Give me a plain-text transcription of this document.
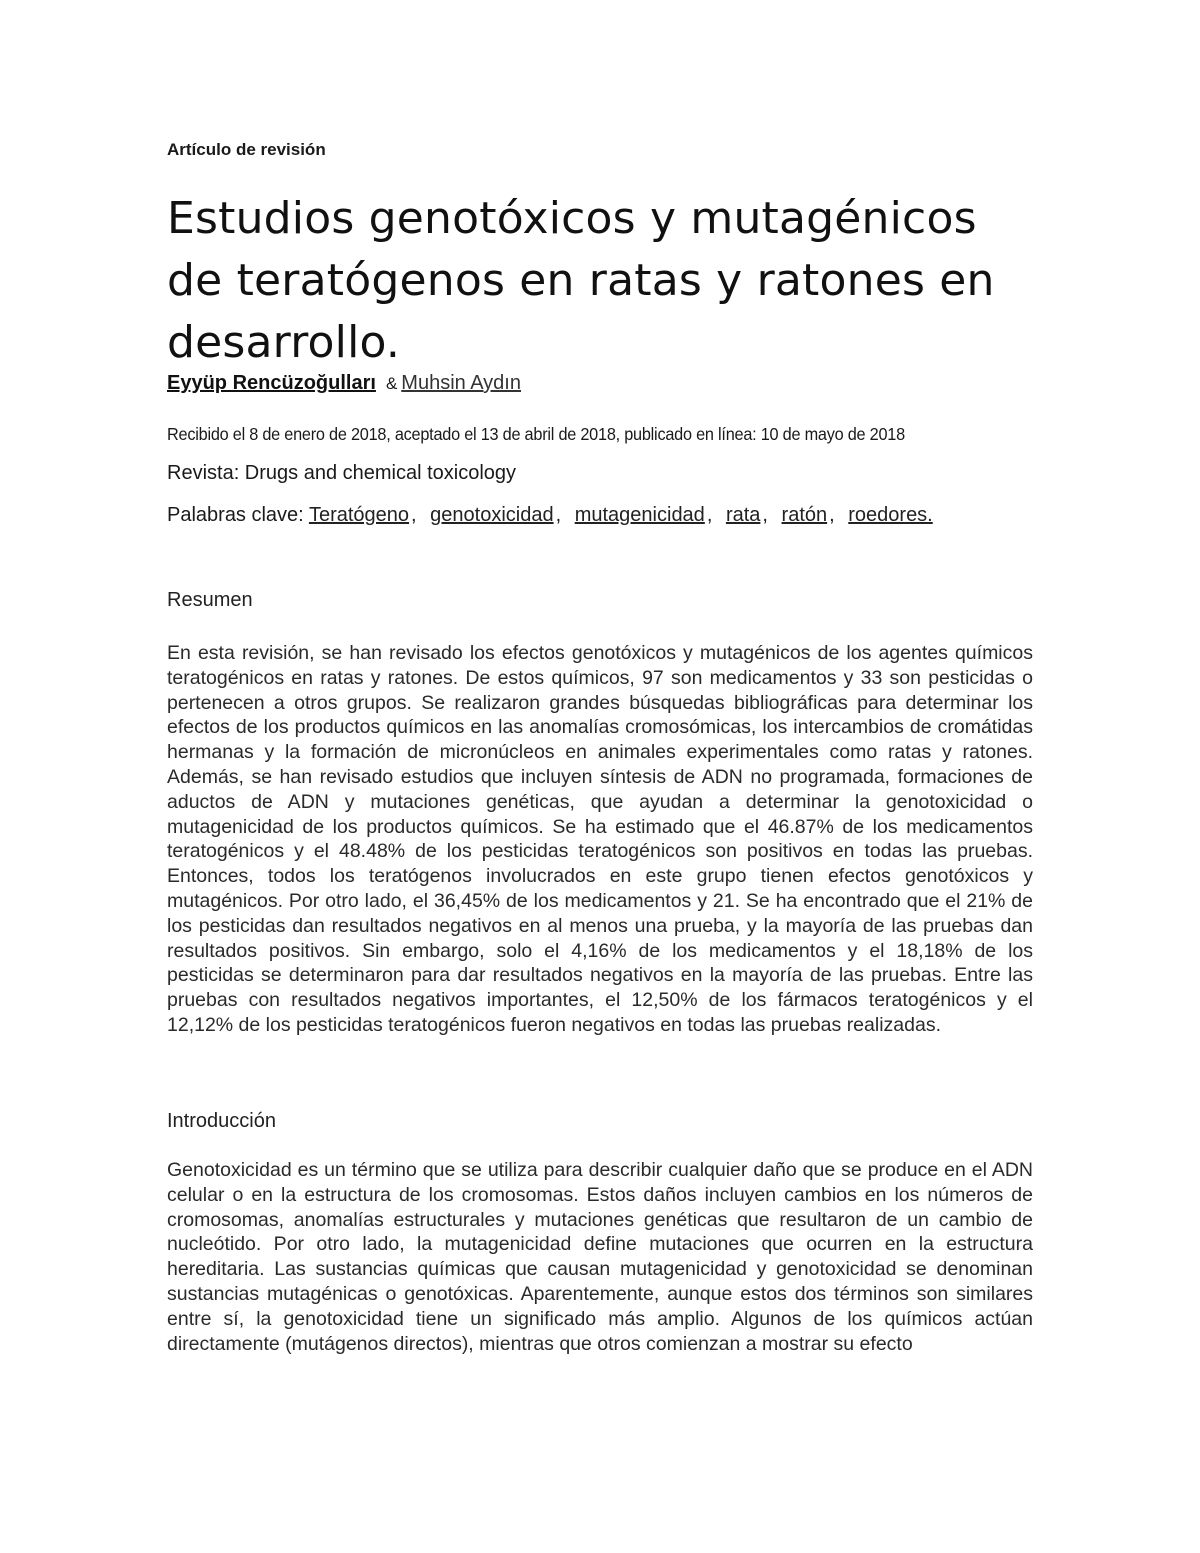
Artículo de revisión

Estudios genotóxicos y mutagénicos de teratógenos en ratas y ratones en desarrollo.
Eyyüp Rencüzoğulları & Muhsin Aydın
Recibido el 8 de enero de 2018, aceptado el 13 de abril de 2018, publicado en línea: 10 de mayo de 2018
Revista: Drugs and chemical toxicology
Palabras clave: Teratógeno , genotoxicidad , mutagenicidad , rata , ratón , roedores.
Resumen

En esta revisión, se han revisado los efectos genotóxicos y mutagénicos de los agentes químicos teratogénicos en ratas y ratones. De estos químicos, 97 son medicamentos y 33 son pesticidas o pertenecen a otros grupos. Se realizaron grandes búsquedas bibliográficas para determinar los efectos de los productos químicos en las anomalías cromosómicas, los intercambios de cromátidas hermanas y la formación de micronúcleos en animales experimentales como ratas y ratones. Además, se han revisado estudios que incluyen síntesis de ADN no programada, formaciones de aductos de ADN y mutaciones genéticas, que ayudan a determinar la genotoxicidad o mutagenicidad de los productos químicos. Se ha estimado que el 46.87% de los medicamentos teratogénicos y el 48.48% de los pesticidas teratogénicos son positivos en todas las pruebas. Entonces, todos los teratógenos involucrados en este grupo tienen efectos genotóxicos y mutagénicos. Por otro lado, el 36,45% de los medicamentos y 21. Se ha encontrado que el 21% de los pesticidas dan resultados negativos en al menos una prueba, y la mayoría de las pruebas dan resultados positivos. Sin embargo, solo el 4,16% de los medicamentos y el 18,18% de los pesticidas se determinaron para dar resultados negativos en la mayoría de las pruebas. Entre las pruebas con resultados negativos importantes, el 12,50% de los fármacos teratogénicos y el 12,12% de los pesticidas teratogénicos fueron negativos en todas las pruebas realizadas.

Introducción

Genotoxicidad es un término que se utiliza para describir cualquier daño que se produce en el ADN celular o en la estructura de los cromosomas. Estos daños incluyen cambios en los números de cromosomas, anomalías estructurales y mutaciones genéticas que resultaron de un cambio de nucleótido. Por otro lado, la mutagenicidad define mutaciones que ocurren en la estructura hereditaria. Las sustancias químicas que causan mutagenicidad y genotoxicidad se denominan sustancias mutagénicas o genotóxicas. Aparentemente, aunque estos dos términos son similares entre sí, la genotoxicidad tiene un significado más amplio. Algunos de los químicos actúan directamente (mutágenos directos), mientras que otros comienzan a mostrar su efecto
